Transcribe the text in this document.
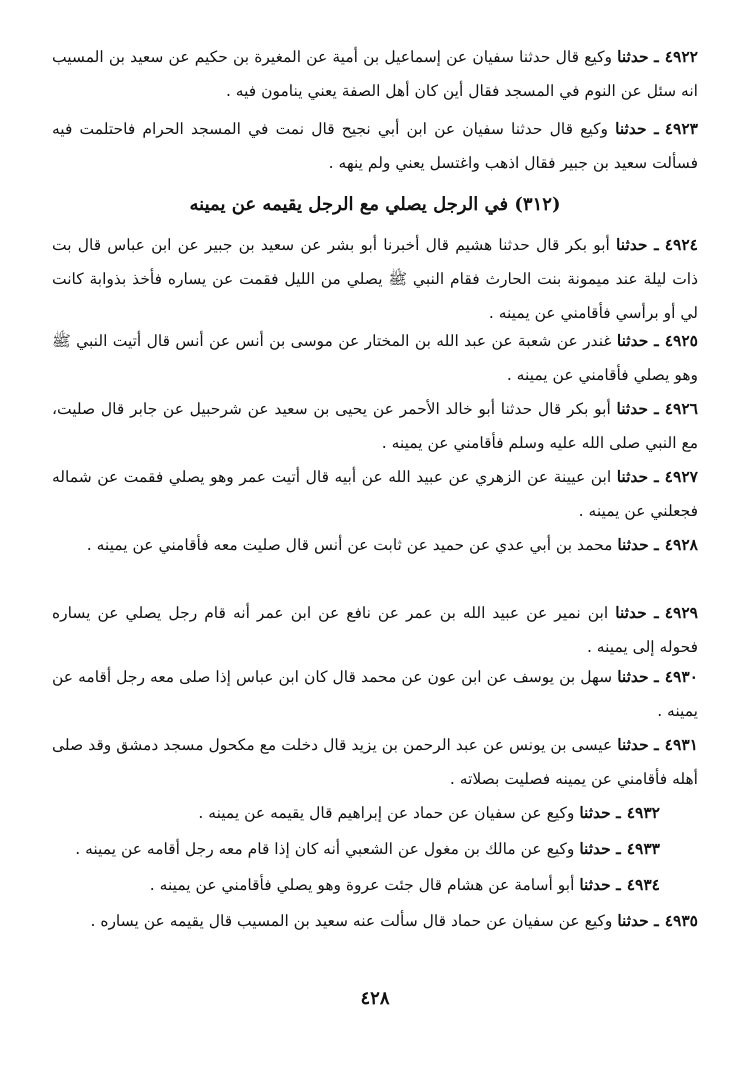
٤٩٢٢ـ حدثنا وكيع قال حدثنا سفيان عن إسماعيل بن أمية عن المغيرة بن حكيم عن سعيد بن المسيب انه سئل عن النوم في المسجد فقال أين كان أهل الصفة يعني ينامون فيه .

٤٩٢٣ـ حدثنا وكيع قال حدثنا سفيان عن ابن أبي نجيح قال نمت في المسجد الحرام فاحتلمت فيه فسألت سعيد بن جبير فقال اذهب واغتسل يعني ولم ينهه .

(٣١٢) في الرجل يصلي مع الرجل يقيمه عن يمينه

٤٩٢٤ـ حدثنا أبو بكر قال حدثنا هشيم قال أخبرنا أبو بشر عن سعيد بن جبير عن ابن عباس قال بت ذات ليلة عند ميمونة بنت الحارث فقام النبي ﷺ يصلي من الليل فقمت عن يساره فأخذ بذوابة كانت لي أو برأسي فأقامني عن يمينه .

٤٩٢٥ـ حدثنا غندر عن شعبة عن عبد الله بن المختار عن موسى بن أنس عن أنس قال أتيت النبي ﷺ وهو يصلي فأقامني عن يمينه .

٤٩٢٦ـ حدثنا أبو بكر قال حدثنا أبو خالد الأحمر عن يحيى بن سعيد عن شرحبيل عن جابر قال صليت، مع النبي صلى الله عليه وسلم فأقامني عن يمينه .

٤٩٢٧ـ حدثنا ابن عيينة عن الزهري عن عبيد الله عن أبيه قال أتيت عمر وهو يصلي فقمت عن شماله فجعلني عن يمينه .

٤٩٢٨ـ حدثنا محمد بن أبي عدي عن حميد عن ثابت عن أنس قال صليت معه فأقامني عن يمينه .

٤٩٢٩ـ حدثنا ابن نمير عن عبيد الله بن عمر عن نافع عن ابن عمر أنه قام رجل يصلي عن يساره فحوله إلى يمينه .

٤٩٣٠ـ حدثنا سهل بن يوسف عن ابن عون عن محمد قال كان ابن عباس إذا صلى معه رجل أقامه عن يمينه .

٤٩٣١ـ حدثنا عيسى بن يونس عن عبد الرحمن بن يزيد قال دخلت مع مكحول مسجد دمشق وقد صلى أهله فأقامني عن يمينه فصليت بصلاته .

٤٩٣٢ـ حدثنا وكيع عن سفيان عن حماد عن إبراهيم قال يقيمه عن يمينه .

٤٩٣٣ـ حدثنا وكيع عن مالك بن مغول عن الشعبي أنه كان إذا قام معه رجل أقامه عن يمينه .

٤٩٣٤ـ حدثنا أبو أسامة عن هشام قال جئت عروة وهو يصلي فأقامني عن يمينه .

٤٩٣٥ـ حدثنا وكيع عن سفيان عن حماد قال سألت عنه سعيد بن المسيب قال يقيمه عن يساره .

٤٢٨
